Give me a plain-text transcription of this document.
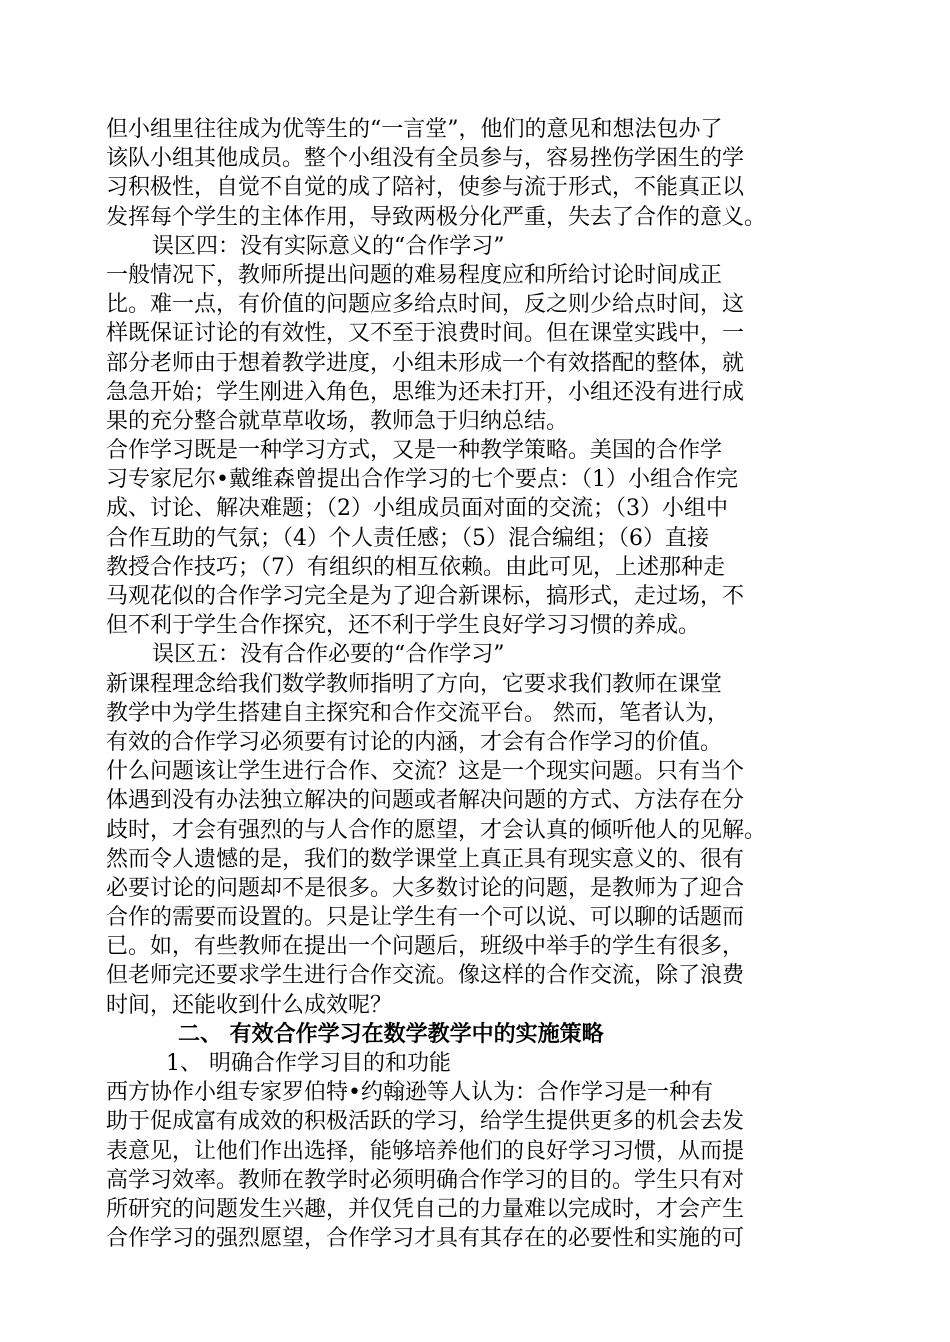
但小组里往往成为优等生的“一言堂”，他们的意见和想法包办了
该队小组其他成员。整个小组没有全员参与，容易挫伤学困生的学
习积极性，自觉不自觉的成了陪衬，使参与流于形式，不能真正以
发挥每个学生的主体作用，导致两极分化严重，失去了合作的意义。
误区四：没有实际意义的“合作学习”
一般情况下，教师所提出问题的难易程度应和所给讨论时间成正
比。难一点，有价值的问题应多给点时间，反之则少给点时间，这
样既保证讨论的有效性，又不至于浪费时间。但在课堂实践中，一
部分老师由于想着教学进度，小组未形成一个有效搭配的整体，就
急急开始；学生刚进入角色，思维为还未打开，小组还没有进行成
果的充分整合就草草收场，教师急于归纳总结。
合作学习既是一种学习方式，又是一种教学策略。美国的合作学
习专家尼尔•戴维森曾提出合作学习的七个要点：（1）小组合作完
成、讨论、解决难题；（2）小组成员面对面的交流；（3）小组中
合作互助的气氛；（4）个人责任感；（5）混合编组；（6）直接
教授合作技巧；（7）有组织的相互依赖。由此可见，上述那种走
马观花似的合作学习完全是为了迎合新课标，搞形式，走过场，不
但不利于学生合作探究，还不利于学生良好学习习惯的养成。
误区五：没有合作必要的“合作学习”
新课程理念给我们数学教师指明了方向，它要求我们教师在课堂
教学中为学生搭建自主探究和合作交流平台。 然而，笔者认为，
有效的合作学习必须要有讨论的内涵，才会有合作学习的价值。
什么问题该让学生进行合作、交流？这是一个现实问题。只有当个
体遇到没有办法独立解决的问题或者解决问题的方式、方法存在分
歧时，才会有强烈的与人合作的愿望，才会认真的倾听他人的见解。
然而令人遗憾的是，我们的数学课堂上真正具有现实意义的、很有
必要讨论的问题却不是很多。大多数讨论的问题，是教师为了迎合
合作的需要而设置的。只是让学生有一个可以说、可以聊的话题而
已。如，有些教师在提出一个问题后，班级中举手的学生有很多，
但老师完还要求学生进行合作交流。像这样的合作交流，除了浪费
时间，还能收到什么成效呢？
二、 有效合作学习在数学教学中的实施策略
1、 明确合作学习目的和功能
西方协作小组专家罗伯特•约翰逊等人认为：合作学习是一种有
助于促成富有成效的积极活跃的学习，给学生提供更多的机会去发
表意见，让他们作出选择，能够培养他们的良好学习习惯，从而提
高学习效率。教师在教学时必须明确合作学习的目的。学生只有对
所研究的问题发生兴趣，并仅凭自己的力量难以完成时，才会产生
合作学习的强烈愿望，合作学习才具有其存在的必要性和实施的可
